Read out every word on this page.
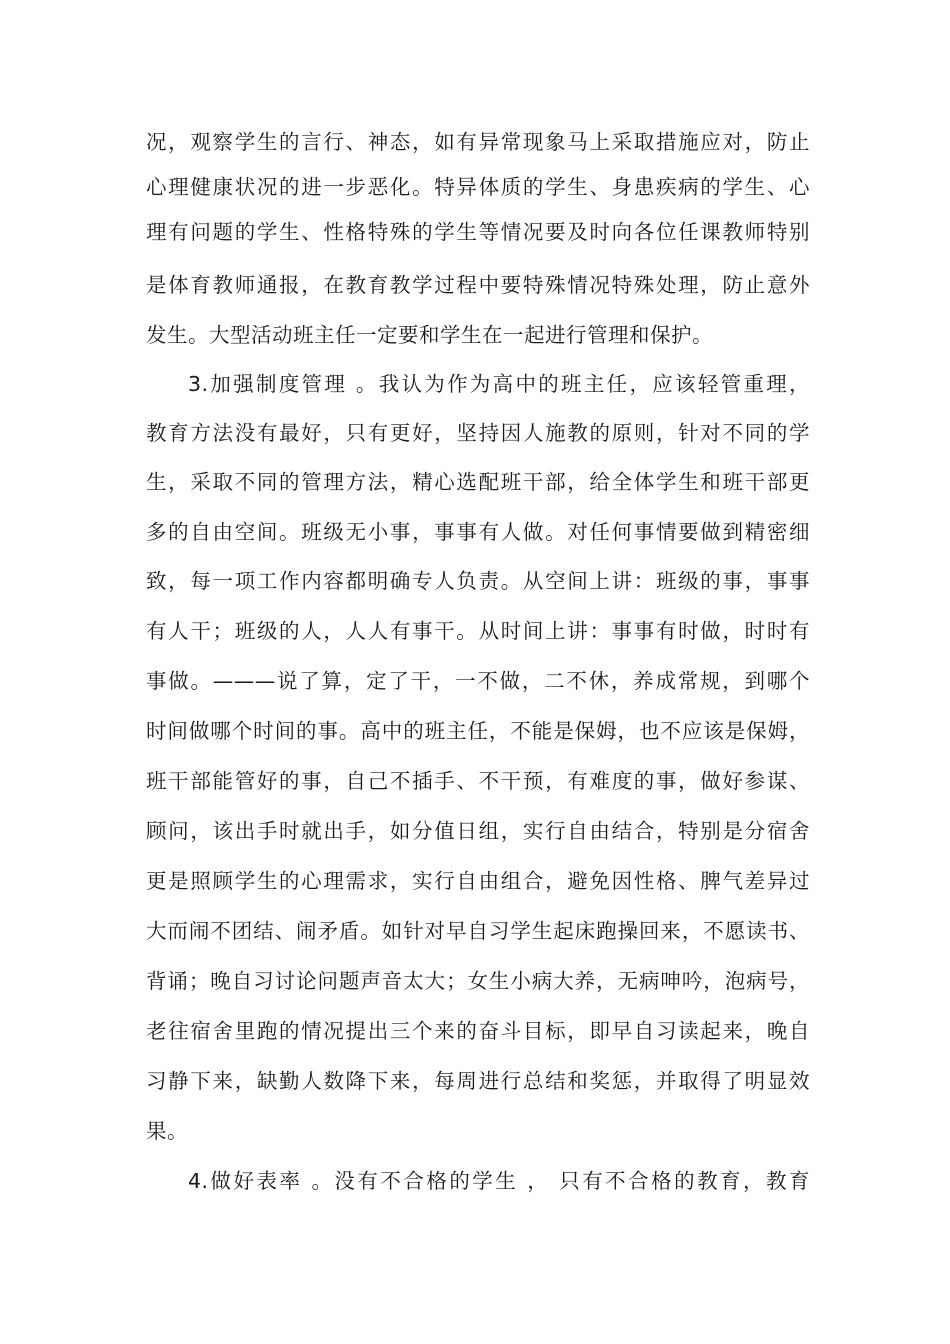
况，观察学生的言行、神态，如有异常现象马上采取措施应对，防止
心理健康状况的进一步恶化。特异体质的学生、身患疾病的学生、心
理有问题的学生、性格特殊的学生等情况要及时向各位任课教师特别
是体育教师通报，在教育教学过程中要特殊情况特殊处理，防止意外
发生。大型活动班主任一定要和学生在一起进行管理和保护。
3.加强制度管理 。我认为作为高中的班主任，应该轻管重理，
教育方法没有最好，只有更好，坚持因人施教的原则，针对不同的学
生，采取不同的管理方法，精心选配班干部，给全体学生和班干部更
多的自由空间。班级无小事，事事有人做。对任何事情要做到精密细
致，每一项工作内容都明确专人负责。从空间上讲：班级的事，事事
有人干；班级的人，人人有事干。从时间上讲：事事有时做，时时有
事做。———说了算，定了干，一不做，二不休，养成常规，到哪个
时间做哪个时间的事。高中的班主任，不能是保姆，也不应该是保姆，
班干部能管好的事，自己不插手、不干预，有难度的事，做好参谋、
顾问，该出手时就出手，如分值日组，实行自由结合，特别是分宿舍
更是照顾学生的心理需求，实行自由组合，避免因性格、脾气差异过
大而闹不团结、闹矛盾。如针对早自习学生起床跑操回来，不愿读书、
背诵；晚自习讨论问题声音太大；女生小病大养，无病呻吟，泡病号，
老往宿舍里跑的情况提出三个来的奋斗目标，即早自习读起来，晚自
习静下来，缺勤人数降下来，每周进行总结和奖惩，并取得了明显效
果。
4.做好表率 。没有不合格的学生 ， 只有不合格的教育，教育
